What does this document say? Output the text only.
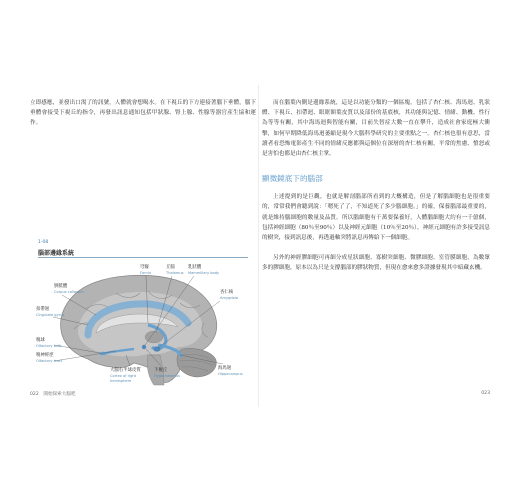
立即感應，並發出口渴了的訊號，人體就會想喝水。在下視丘的下方連接著腦下垂體，腦下垂體會接受下視丘的指令，再發出訊息通知包括甲狀腺、腎上腺、性腺等器官產生協和運作。

1-08
腦部邊緣系統
胼胝體
Corpus callosum
扣帶迴
Cingulate gyrus
穹窿
Fornix
丘腦
Thalamus
乳狀體
Mammillary body
杏仁核
Amygdala
嗅球
Olfactory bulb
嗅神經徑
Olfactory tract
大腦右半球皮質
Cortex of right
hemisphere
下視丘
Hypothalamus
海馬迴
Hippocampus
022　開始探索大腦吧

而在腦葉內側是邊緣系統，這是以功能分類的一個區塊，包括了杏仁核、海馬迴、乳狀體、下視丘、扣帶迴、眼眶額葉皮質以及部份的基底核，其功能與記憶、情緒、動機、性行為等等有關，其中海馬迴與智能有關，目前失智症大數一直在攀升，造成社會家庭極大衝擊，如何早期降低海馬迴萎縮是現今大腦科學研究的主要重點之一。杏仁核也很有意思，當讀者看恐怖電影產生不同的情緒反應都與這個位在深層的杏仁核有關，平常的焦慮、憤怒或是害怕也都是由杏仁核主掌。

顯微鏡底下的腦部

上述提到的是巨觀，也就是解剖腦部所看到的大概構造，但是了解腦細胞也是很重要的，常常我們會聽到說：「嗯死了了，不知道死了多少腦細胞。」的確，保養腦部最重要的，就是維持腦細胞的數量及品質。所以腦細胞有千萬要保養好，人體腦細胞大約有一千億個，包括神經細胞（80％至90％）以及神經元細胞（10％至20％），神經元細胞有許多接受訊息的樹突，接到訊息後，再透過軸突將訊息再傳給下一個細胞。

另外的神經膠細胞可再細分成星狀細胞、寡樹突細胞、微膠細胞、室管膜細胞，為數眾多的膠細胞，原本以為只是支撐腦部的膠狀物質，但現在愈來愈多證據發現其中暗藏玄機。

023
